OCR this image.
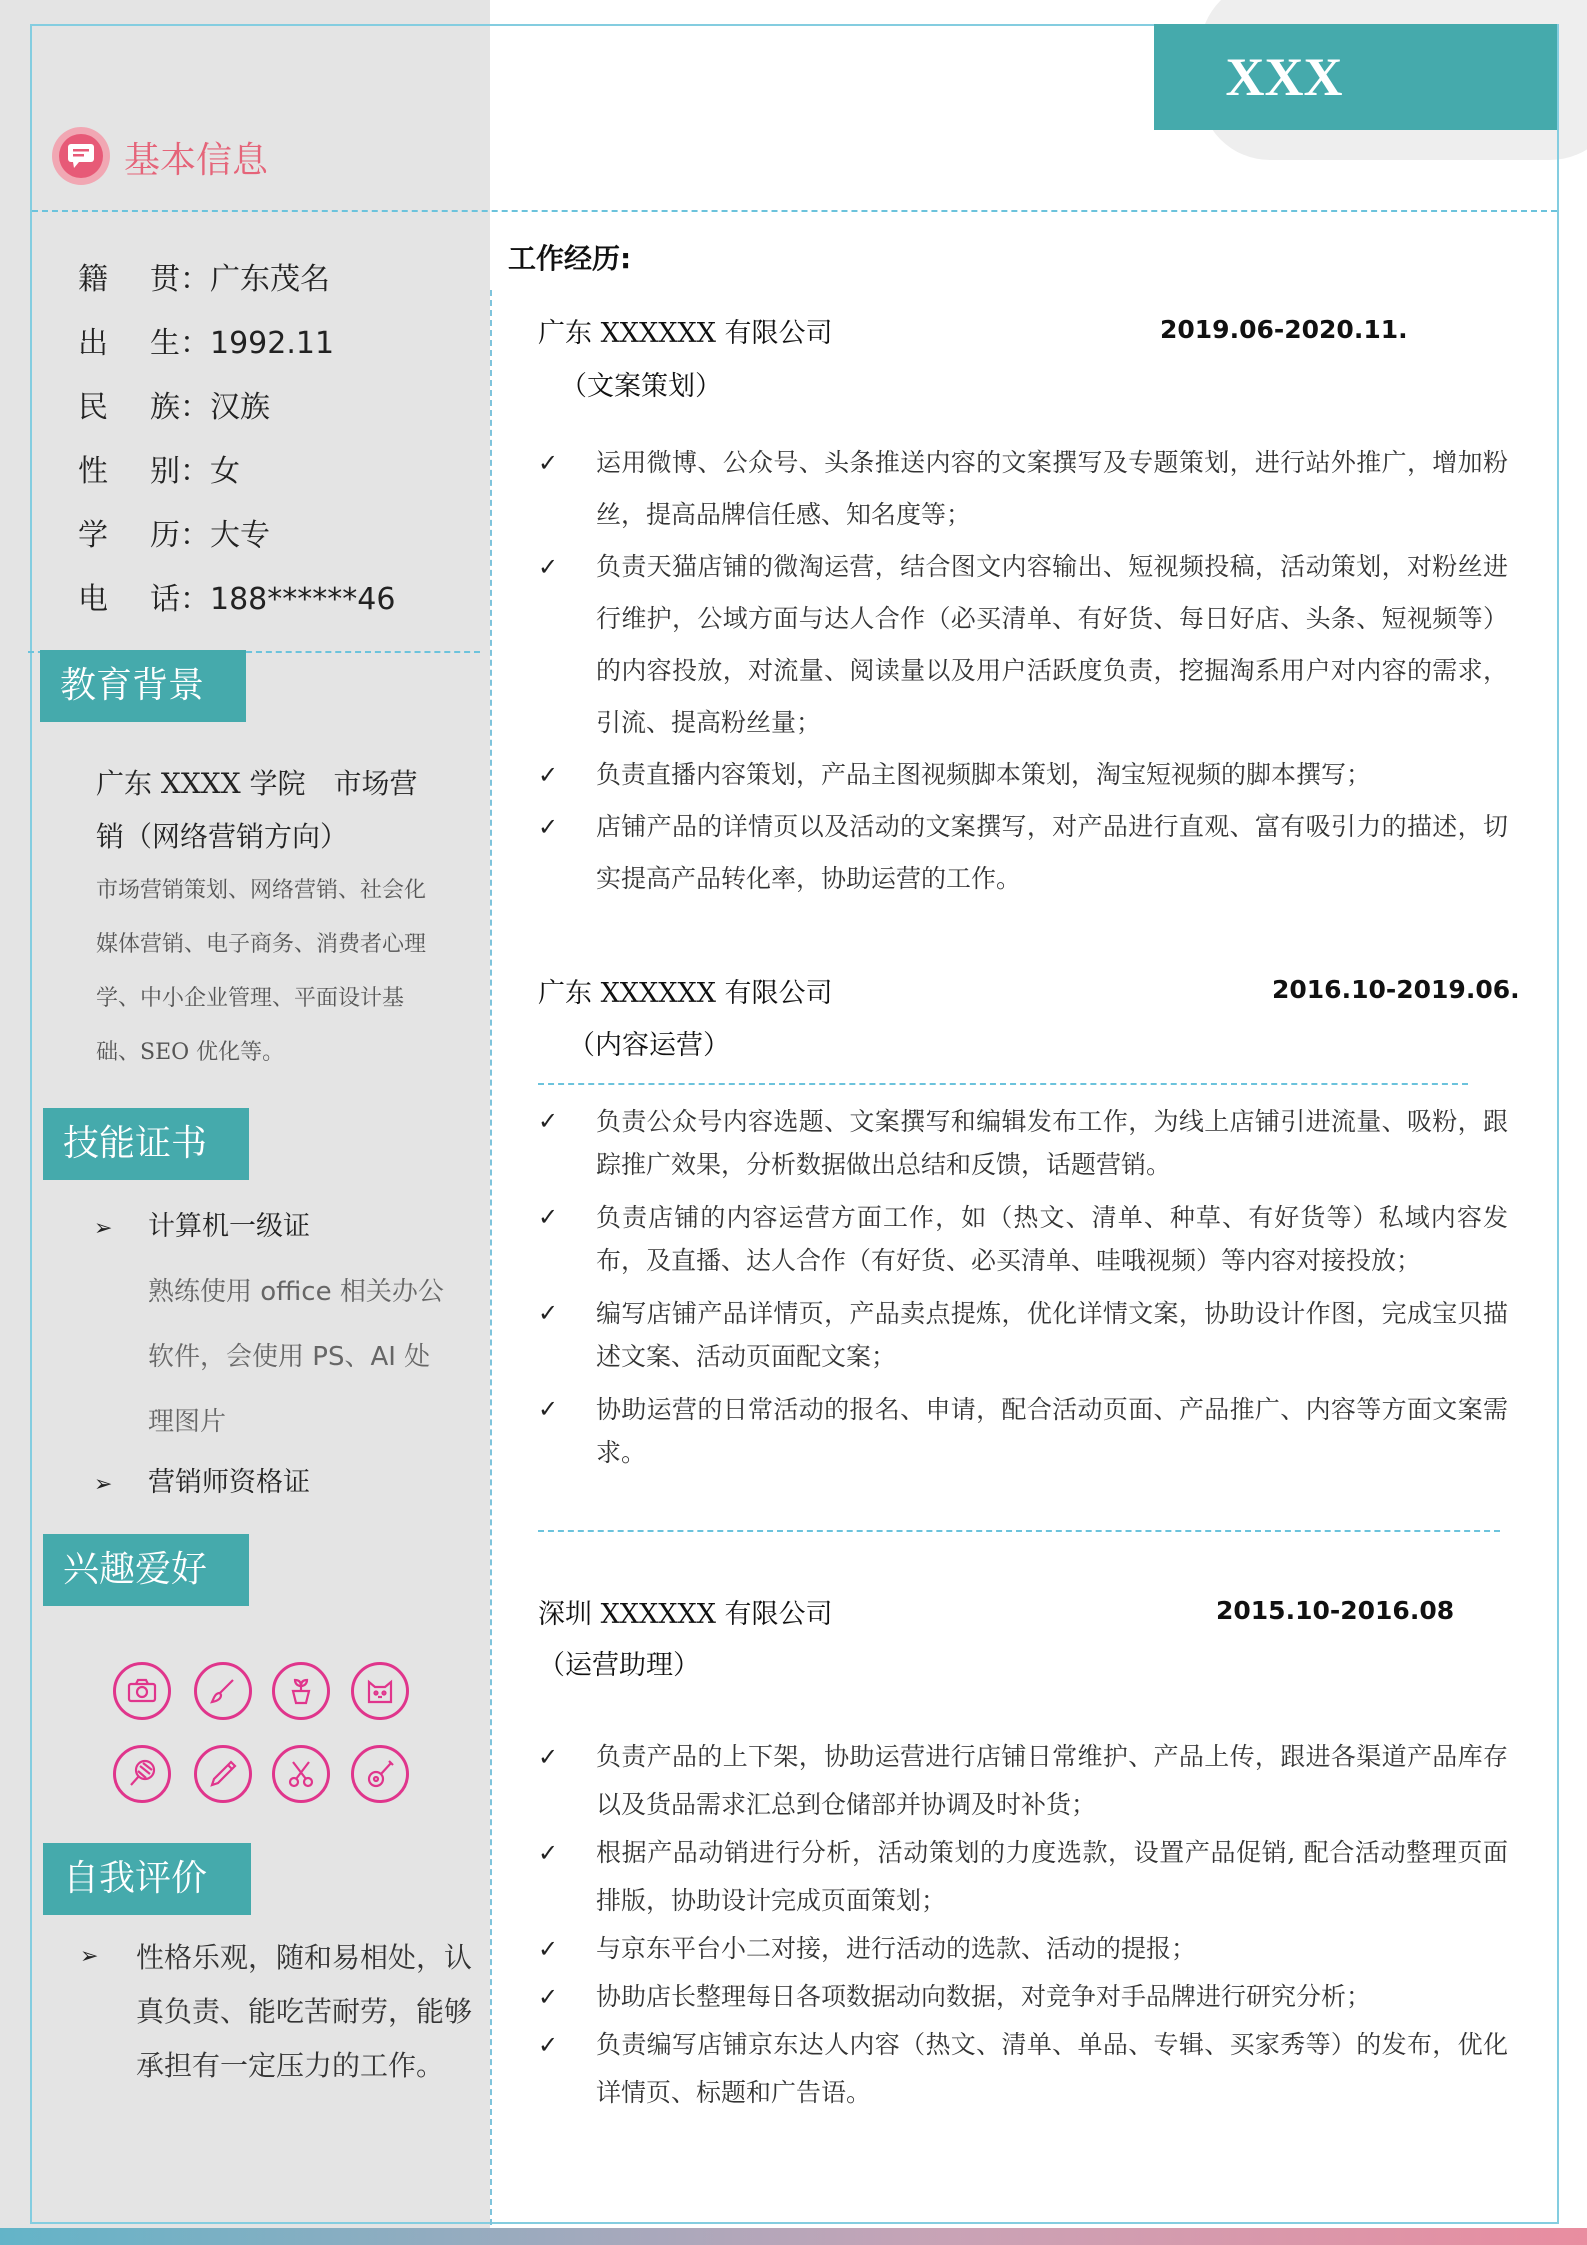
XXX
基本信息
籍 贯：广东茂名
出 生：1992.11
民 族：汉族
性 别：女
学 历：大专
电 话：188******46
教育背景
广东 XXXX 学院　市场营销（网络营销方向）
市场营销策划、网络营销、社会化媒体营销、电子商务、消费者心理学、中小企业管理、平面设计基础、SEO 优化等。
技能证书
➢ 计算机一级证
熟练使用 office 相关办公软件，会使用 PS、AI 处理图片
➢ 营销师资格证
兴趣爱好
自我评价
➢ 性格乐观，随和易相处，认真负责、能吃苦耐劳，能够承担有一定压力的工作。
工作经历:
广东 XXXXXX 有限公司	2019.06-2020.11.
（文案策划）
✓ 运用微博、公众号、头条推送内容的文案撰写及专题策划，进行站外推广，增加粉丝，提高品牌信任感、知名度等；
✓ 负责天猫店铺的微淘运营，结合图文内容输出、短视频投稿，活动策划，对粉丝进行维护，公域方面与达人合作（必买清单、有好货、每日好店、头条、短视频等）的内容投放，对流量、阅读量以及用户活跃度负责，挖掘淘系用户对内容的需求，引流、提高粉丝量；
✓ 负责直播内容策划，产品主图视频脚本策划，淘宝短视频的脚本撰写；
✓ 店铺产品的详情页以及活动的文案撰写，对产品进行直观、富有吸引力的描述，切实提高产品转化率，协助运营的工作。
广东 XXXXXX 有限公司	2016.10-2019.06.
（内容运营）
✓ 负责公众号内容选题、文案撰写和编辑发布工作，为线上店铺引进流量、吸粉，跟踪推广效果，分析数据做出总结和反馈，话题营销。
✓ 负责店铺的内容运营方面工作，如（热文、清单、种草、有好货等）私域内容发布，及直播、达人合作（有好货、必买清单、哇哦视频）等内容对接投放；
✓ 编写店铺产品详情页，产品卖点提炼，优化详情文案，协助设计作图，完成宝贝描述文案、活动页面配文案；
✓ 协助运营的日常活动的报名、申请，配合活动页面、产品推广、内容等方面文案需求。
深圳 XXXXXX 有限公司	2015.10-2016.08
（运营助理）
✓ 负责产品的上下架，协助运营进行店铺日常维护、产品上传，跟进各渠道产品库存以及货品需求汇总到仓储部并协调及时补货；
✓ 根据产品动销进行分析，活动策划的力度选款，设置产品促销, 配合活动整理页面排版，协助设计完成页面策划；
✓ 与京东平台小二对接，进行活动的选款、活动的提报；
✓ 协助店长整理每日各项数据动向数据，对竞争对手品牌进行研究分析；
✓ 负责编写店铺京东达人内容（热文、清单、单品、专辑、买家秀等）的发布，优化详情页、标题和广告语。
